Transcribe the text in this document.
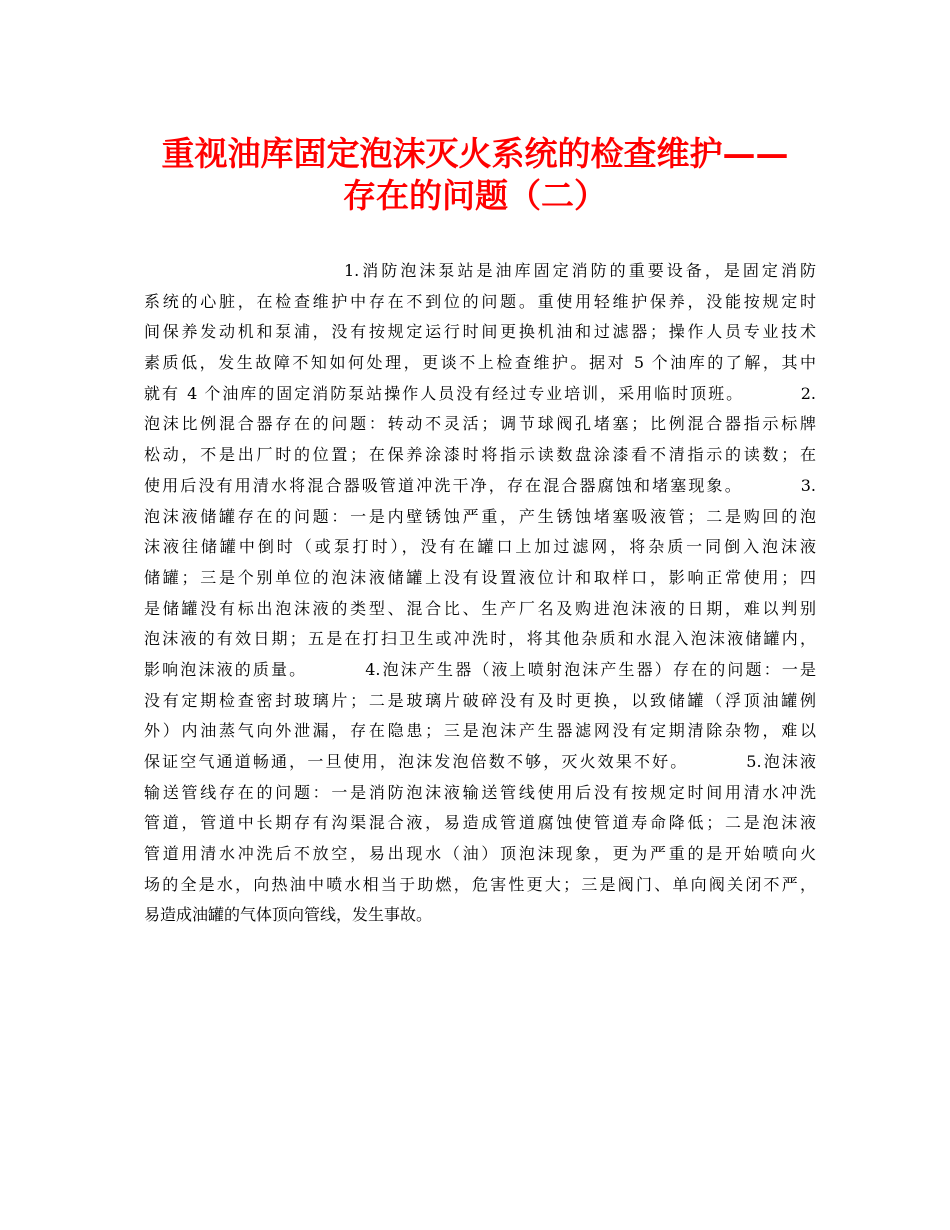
重视油库固定泡沫灭火系统的检查维护——
存在的问题（二）
1.消防泡沫泵站是油库固定消防的重要设备，是固定消防
系统的心脏，在检查维护中存在不到位的问题。重使用轻维护保养，没能按规定时
间保养发动机和泵浦，没有按规定运行时间更换机油和过滤器；操作人员专业技术
素质低，发生故障不知如何处理，更谈不上检查维护。据对 5 个油库的了解，其中
就有 4 个油库的固定消防泵站操作人员没有经过专业培训，采用临时顶班。        2.
泡沫比例混合器存在的问题：转动不灵活；调节球阀孔堵塞；比例混合器指示标牌
松动，不是出厂时的位置；在保养涂漆时将指示读数盘涂漆看不清指示的读数；在
使用后没有用清水将混合器吸管道冲洗干净，存在混合器腐蚀和堵塞现象。        3.
泡沫液储罐存在的问题：一是内壁锈蚀严重，产生锈蚀堵塞吸液管；二是购回的泡
沫液往储罐中倒时（或泵打时），没有在罐口上加过滤网，将杂质一同倒入泡沫液
储罐；三是个别单位的泡沫液储罐上没有设置液位计和取样口，影响正常使用；四
是储罐没有标出泡沫液的类型、混合比、生产厂名及购进泡沫液的日期，难以判别
泡沫液的有效日期；五是在打扫卫生或冲洗时，将其他杂质和水混入泡沫液储罐内，
影响泡沫液的质量。        4.泡沫产生器（液上喷射泡沫产生器）存在的问题：一是
没有定期检查密封玻璃片；二是玻璃片破碎没有及时更换，以致储罐（浮顶油罐例
外）内油蒸气向外泄漏，存在隐患；三是泡沫产生器滤网没有定期清除杂物，难以
保证空气通道畅通，一旦使用，泡沫发泡倍数不够，灭火效果不好。        5.泡沫液
输送管线存在的问题：一是消防泡沫液输送管线使用后没有按规定时间用清水冲洗
管道，管道中长期存有沟渠混合液，易造成管道腐蚀使管道寿命降低；二是泡沫液
管道用清水冲洗后不放空，易出现水（油）顶泡沫现象，更为严重的是开始喷向火
场的全是水，向热油中喷水相当于助燃，危害性更大；三是阀门、单向阀关闭不严，
易造成油罐的气体顶向管线，发生事故。
